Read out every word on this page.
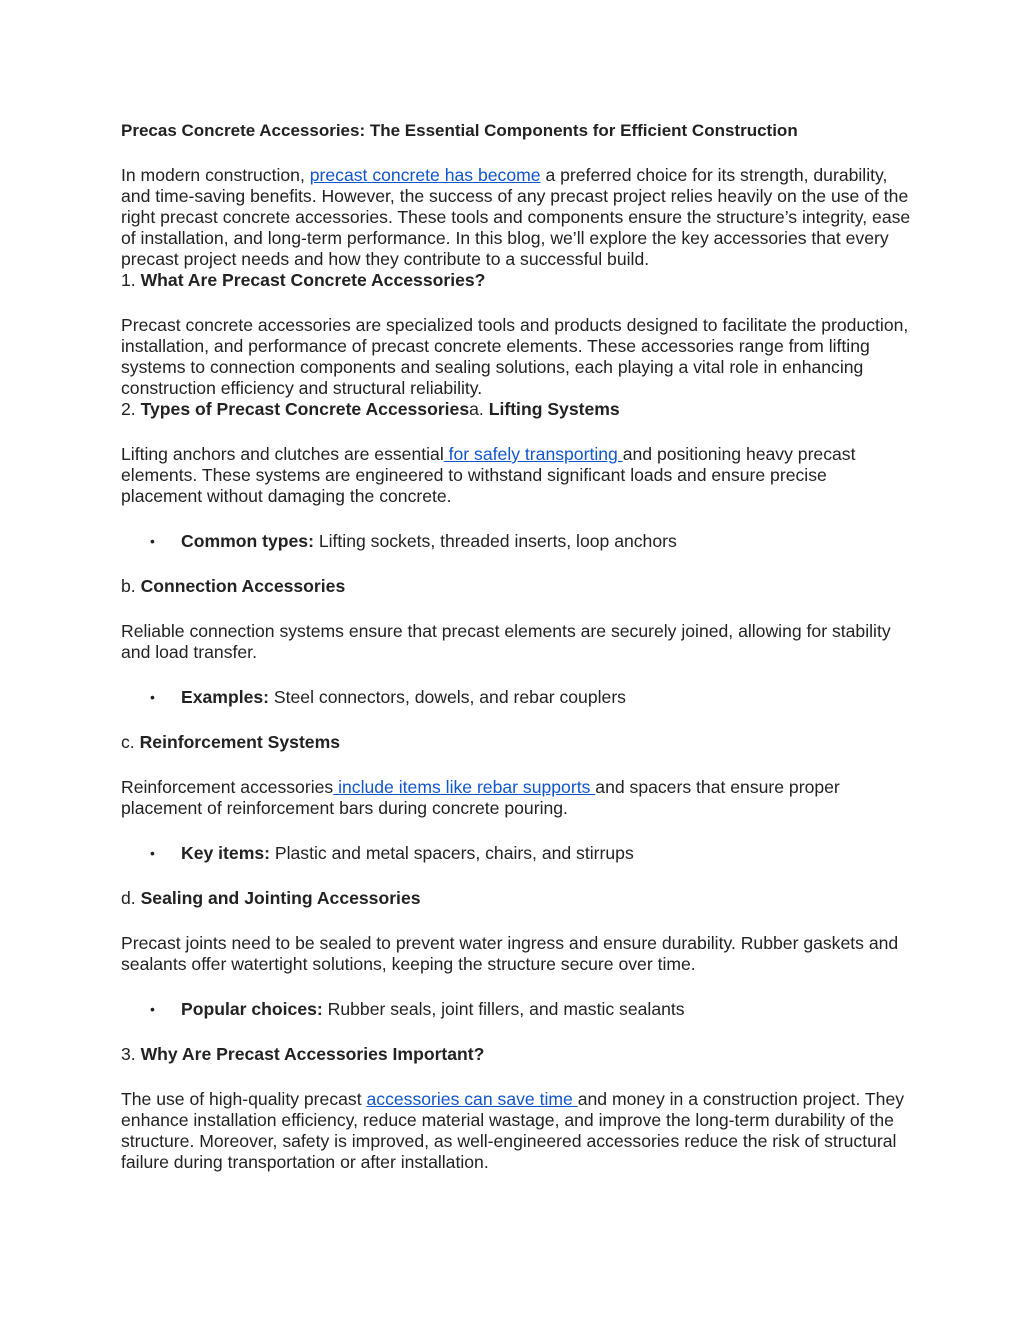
Precas Concrete Accessories: The Essential Components for Efficient Construction

In modern construction, precast concrete has become a preferred choice for its strength, durability, and time-saving benefits. However, the success of any precast project relies heavily on the use of the right precast concrete accessories. These tools and components ensure the structure’s integrity, ease of installation, and long-term performance. In this blog, we’ll explore the key accessories that every precast project needs and how they contribute to a successful build.

1. What Are Precast Concrete Accessories?

Precast concrete accessories are specialized tools and products designed to facilitate the production, installation, and performance of precast concrete elements. These accessories range from lifting systems to connection components and sealing solutions, each playing a vital role in enhancing construction efficiency and structural reliability.

2. Types of Precast Concrete Accessoriesa. Lifting Systems

Lifting anchors and clutches are essential for safely transporting and positioning heavy precast elements. These systems are engineered to withstand significant loads and ensure precise placement without damaging the concrete.

• Common types: Lifting sockets, threaded inserts, loop anchors

b. Connection Accessories

Reliable connection systems ensure that precast elements are securely joined, allowing for stability and load transfer.

• Examples: Steel connectors, dowels, and rebar couplers

c. Reinforcement Systems

Reinforcement accessories include items like rebar supports and spacers that ensure proper placement of reinforcement bars during concrete pouring.

• Key items: Plastic and metal spacers, chairs, and stirrups

d. Sealing and Jointing Accessories

Precast joints need to be sealed to prevent water ingress and ensure durability. Rubber gaskets and sealants offer watertight solutions, keeping the structure secure over time.

• Popular choices: Rubber seals, joint fillers, and mastic sealants

3. Why Are Precast Accessories Important?

The use of high-quality precast accessories can save time and money in a construction project. They enhance installation efficiency, reduce material wastage, and improve the long-term durability of the structure. Moreover, safety is improved, as well-engineered accessories reduce the risk of structural failure during transportation or after installation.
